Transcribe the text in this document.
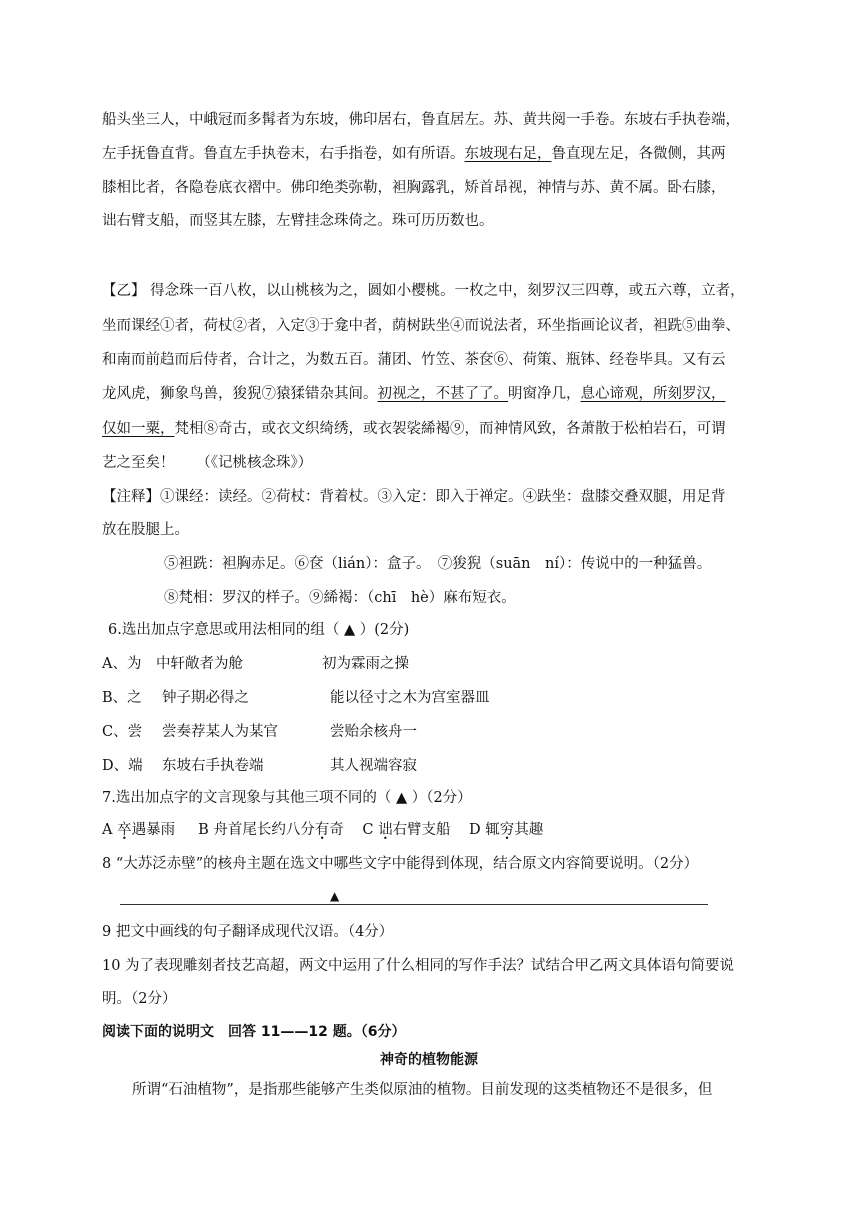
船头坐三人，中峨冠而多髯者为东坡，佛印居右，鲁直居左。苏、黄共阅一手卷。东坡右手执卷端，
左手抚鲁直背。鲁直左手执卷末，右手指卷，如有所语。东坡现右足，鲁直现左足，各微侧，其两
膝相比者，各隐卷底衣褶中。佛印绝类弥勒，袒胸露乳，矫首昂视，神情与苏、黄不属。卧右膝，
诎右臂支船，而竖其左膝，左臂挂念珠倚之。珠可历历数也。
【乙】 得念珠一百八枚，以山桃核为之，圆如小樱桃。一枚之中，刻罗汉三四尊，或五六尊，立者，
坐而课经①者，荷杖②者，入定③于龛中者，荫树趺坐④而说法者，环坐指画论议者，袒跣⑤曲拳、
和南而前趋而后侍者，合计之，为数五百。蒲团、竹笠、茶奁⑥、荷策、瓶钵、经卷毕具。又有云
龙风虎，狮象鸟兽，狻猊⑦猿猱错杂其间。初视之，不甚了了。明窗净几，息心谛观，所刻罗汉，
仅如一粟，梵相⑧奇古，或衣文织绮绣，或衣袈裟絺褐⑨，而神情风致，各萧散于松柏岩石，可谓
艺之至矣！　　（《记桃核念珠》）
【注释】①课经：读经。②荷杖：背着杖。③入定：即入于禅定。④趺坐：盘膝交叠双腿，用足背
放在股腿上。
⑤袒跣：袒胸赤足。⑥奁（lián）：盒子。　⑦狻猊（suān　ní）：传说中的一种猛兽。
⑧梵相：罗汉的样子。⑨絺褐：（chī　hè）麻布短衣。
6.选出加点字意思或用法相同的组（ ▲ ）(2分)
A、为 中轩敞者为舱	初为霖雨之操
B、之 钟子期必得之	能以径寸之木为宫室器皿
C、尝 尝奏荐某人为某官	尝贻余核舟一
D、端 东坡右手执卷端	其人视端容寂
7.选出加点字的文言现象与其他三项不同的（ ▲ ）（2分）
A 卒遇暴雨 B 舟首尾长约八分有奇 C 诎右臂支船 D 辄穷其趣
8 “大苏泛赤壁”的核舟主题在选文中哪些文字中能得到体现，结合原文内容简要说明。（2分）
▲
9 把文中画线的句子翻译成现代汉语。（4分）
10 为了表现雕刻者技艺高超，两文中运用了什么相同的写作手法？试结合甲乙两文具体语句简要说
明。（2分）
阅读下面的说明文　回答 11——12 题。（6分）
神奇的植物能源
所谓“石油植物”，是指那些能够产生类似原油的植物。目前发现的这类植物还不是很多，但
